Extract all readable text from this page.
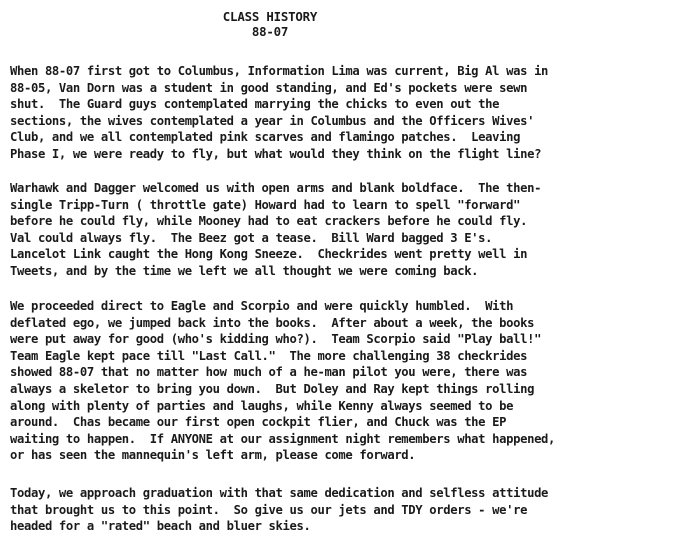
CLASS HISTORY
88-07
When 88-07 first got to Columbus, Information Lima was current, Big Al was in
88-05, Van Dorn was a student in good standing, and Ed's pockets were sewn
shut.  The Guard guys contemplated marrying the chicks to even out the
sections, the wives contemplated a year in Columbus and the Officers Wives'
Club, and we all contemplated pink scarves and flamingo patches.  Leaving
Phase I, we were ready to fly, but what would they think on the flight line?
Warhawk and Dagger welcomed us with open arms and blank boldface.  The then-
single Tripp-Turn ( throttle gate) Howard had to learn to spell "forward"
before he could fly, while Mooney had to eat crackers before he could fly.
Val could always fly.  The Beez got a tease.  Bill Ward bagged 3 E's.
Lancelot Link caught the Hong Kong Sneeze.  Checkrides went pretty well in
Tweets, and by the time we left we all thought we were coming back.
We proceeded direct to Eagle and Scorpio and were quickly humbled.  With
deflated ego, we jumped back into the books.  After about a week, the books
were put away for good (who's kidding who?).  Team Scorpio said "Play ball!"
Team Eagle kept pace till "Last Call."  The more challenging 38 checkrides
showed 88-07 that no matter how much of a he-man pilot you were, there was
always a skeletor to bring you down.  But Doley and Ray kept things rolling
along with plenty of parties and laughs, while Kenny always seemed to be
around.  Chas became our first open cockpit flier, and Chuck was the EP
waiting to happen.  If ANYONE at our assignment night remembers what happened,
or has seen the mannequin's left arm, please come forward.
Today, we approach graduation with that same dedication and selfless attitude
that brought us to this point.  So give us our jets and TDY orders - we're
headed for a "rated" beach and bluer skies.
